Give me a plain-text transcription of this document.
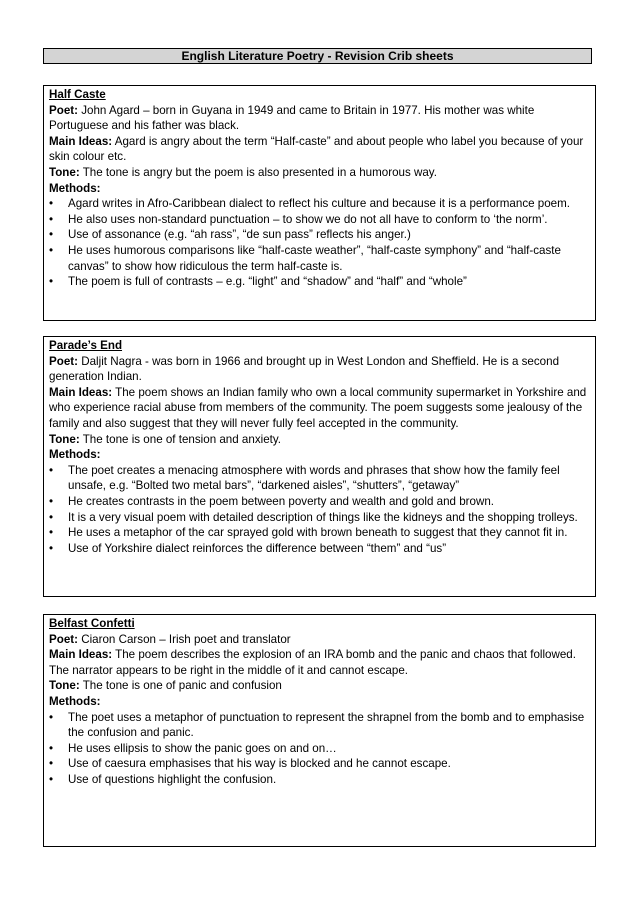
English Literature Poetry - Revision Crib sheets
Half Caste
Poet: John Agard – born in Guyana in 1949 and came to Britain in 1977. His mother was white Portuguese and his father was black.
Main Ideas: Agard is angry about the term “Half-caste” and about people who label you because of your skin colour etc.
Tone: The tone is angry but the poem is also presented in a humorous way.
Methods:
• Agard writes in Afro-Caribbean dialect to reflect his culture and because it is a performance poem.
• He also uses non-standard punctuation – to show we do not all have to conform to ‘the norm’.
• Use of assonance (e.g. “ah rass”, “de sun pass” reflects his anger.)
• He uses humorous comparisons like “half-caste weather”, “half-caste symphony” and “half-caste canvas” to show how ridiculous the term half-caste is.
• The poem is full of contrasts – e.g. “light” and “shadow” and “half” and “whole”
Parade’s End
Poet: Daljit Nagra - was born in 1966 and brought up in West London and Sheffield. He is a second generation Indian.
Main Ideas: The poem shows an Indian family who own a local community supermarket in Yorkshire and who experience racial abuse from members of the community. The poem suggests some jealousy of the family and also suggest that they will never fully feel accepted in the community.
Tone: The tone is one of tension and anxiety.
Methods:
• The poet creates a menacing atmosphere with words and phrases that show how the family feel unsafe, e.g. “Bolted two metal bars”, “darkened aisles”, “shutters”, “getaway”
• He creates contrasts in the poem between poverty and wealth and gold and brown.
• It is a very visual poem with detailed description of things like the kidneys and the shopping trolleys.
• He uses a metaphor of the car sprayed gold with brown beneath to suggest that they cannot fit in.
• Use of Yorkshire dialect reinforces the difference between “them” and “us”
Belfast Confetti
Poet: Ciaron Carson – Irish poet and translator
Main Ideas: The poem describes the explosion of an IRA bomb and the panic and chaos that followed. The narrator appears to be right in the middle of it and cannot escape.
Tone: The tone is one of panic and confusion
Methods:
• The poet uses a metaphor of punctuation to represent the shrapnel from the bomb and to emphasise the confusion and panic.
• He uses ellipsis to show the panic goes on and on…
• Use of caesura emphasises that his way is blocked and he cannot escape.
• Use of questions highlight the confusion.
